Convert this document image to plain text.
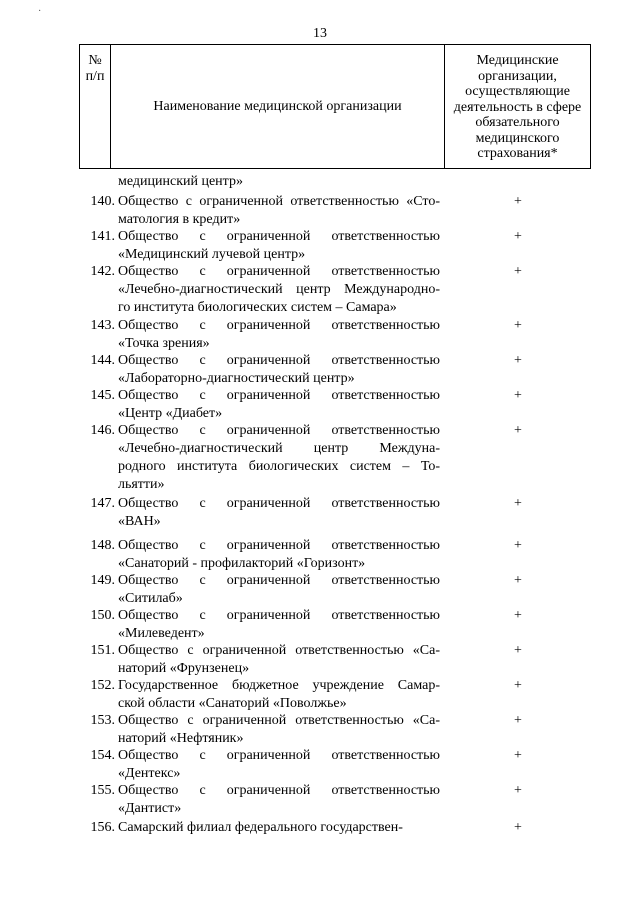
·
13
№
п/п
	Наименование медицинской организации	
Медицинские
организации,
осуществляющие
деятельность в сфере
обязательного
медицинского
страхования*
медицинский центр»
140. Общество с ограниченной ответственностью «Сто-
матология в кредит»
+
141. Общество с ограниченной ответственностью
«Медицинский лучевой центр»
+
142. Общество с ограниченной ответственностью
«Лечебно-диагностический центр Международно-
го института биологических систем – Самара»
+
143. Общество с ограниченной ответственностью
«Точка зрения»
+
144. Общество с ограниченной ответственностью
«Лабораторно-диагностический центр»
+
145. Общество с ограниченной ответственностью
«Центр «Диабет»
+
146. Общество с ограниченной ответственностью
«Лечебно-диагностический центр Междуна-
родного института биологических систем – То-
льятти»
+
147. Общество с ограниченной ответственностью
«ВАН»
+
148. Общество с ограниченной ответственностью
«Санаторий - профилакторий «Горизонт»
+
149. Общество с ограниченной ответственностью
«Ситилаб»
+
150. Общество с ограниченной ответственностью
«Милеведент»
+
151. Общество с ограниченной ответственностью «Са-
наторий «Фрунзенец»
+
152. Государственное бюджетное учреждение Самар-
ской области «Санаторий «Поволжье»
+
153. Общество с ограниченной ответственностью «Са-
наторий «Нефтяник»
+
154. Общество с ограниченной ответственностью
«Дентекс»
+
155. Общество с ограниченной ответственностью
«Дантист»
+
156. Самарский филиал федерального государствен-	+
